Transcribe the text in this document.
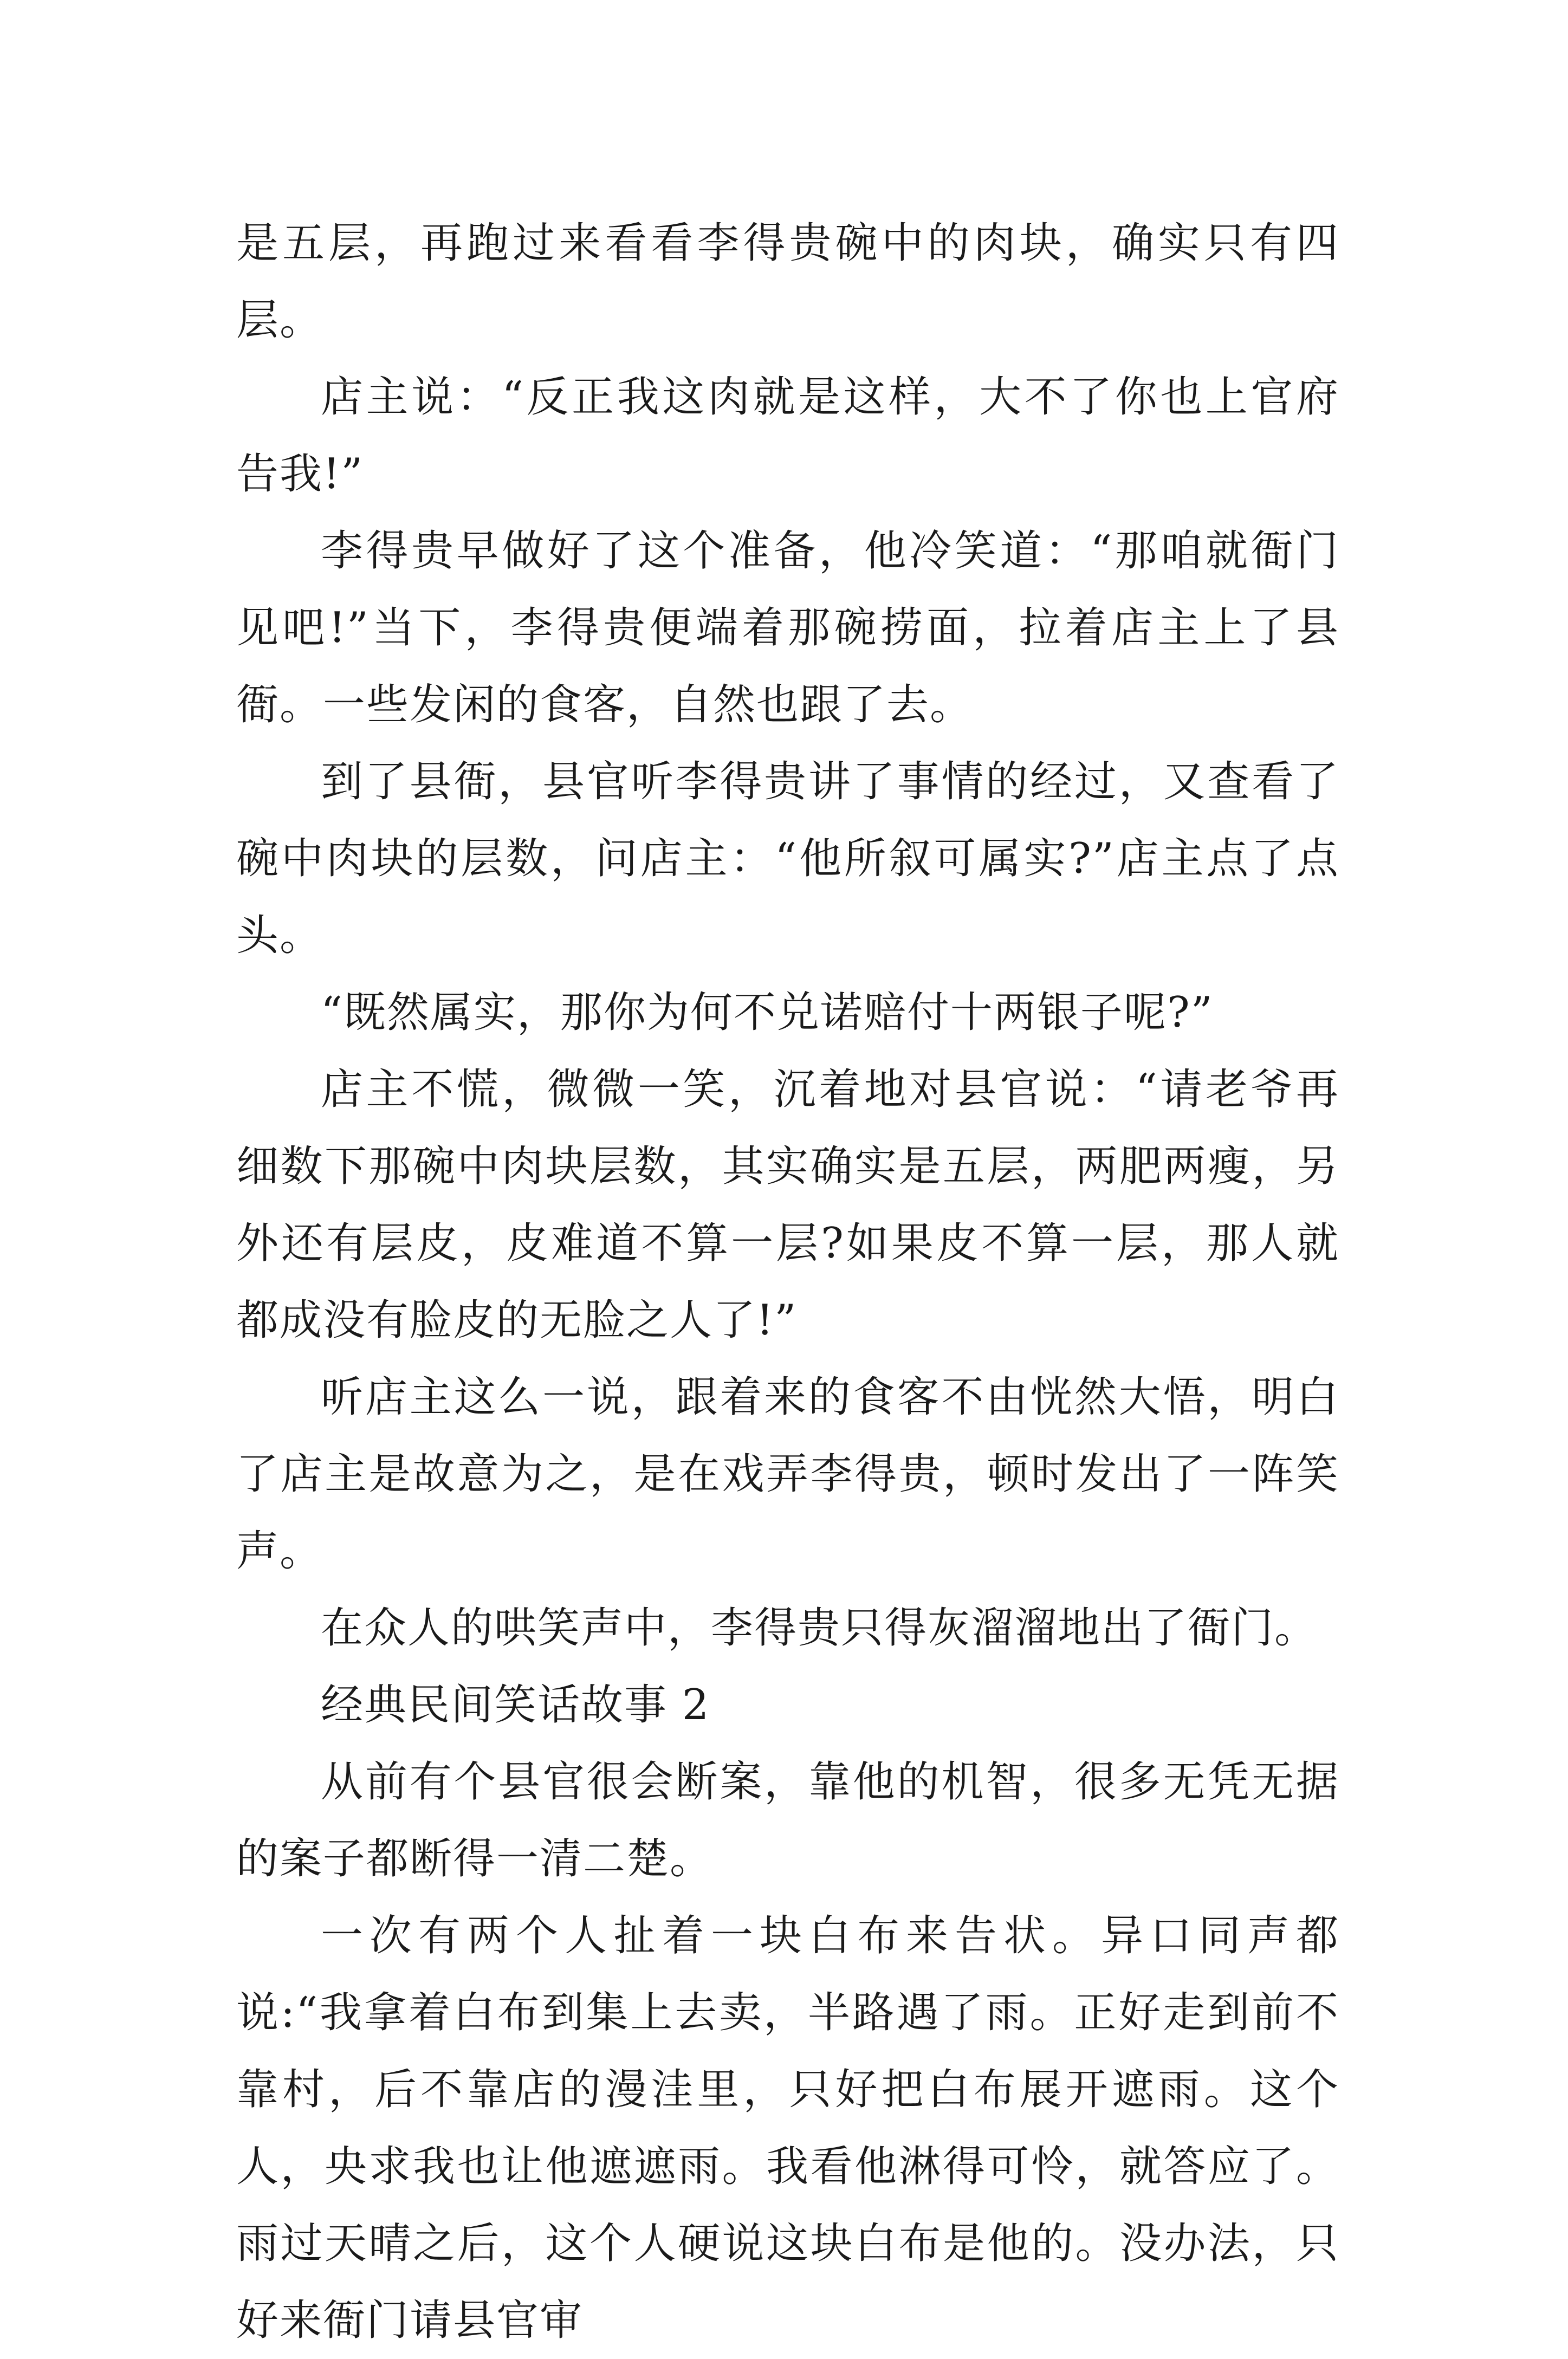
是五层，再跑过来看看李得贵碗中的肉块，确实只有四层。

店主说：“反正我这肉就是这样，大不了你也上官府告我!”

李得贵早做好了这个准备，他冷笑道：“那咱就衙门见吧!”当下，李得贵便端着那碗捞面，拉着店主上了县衙。一些发闲的食客，自然也跟了去。

到了县衙，县官听李得贵讲了事情的经过，又查看了碗中肉块的层数，问店主：“他所叙可属实?”店主点了点头。

“既然属实，那你为何不兑诺赔付十两银子呢?”

店主不慌，微微一笑，沉着地对县官说：“请老爷再细数下那碗中肉块层数，其实确实是五层，两肥两瘦，另外还有层皮，皮难道不算一层?如果皮不算一层，那人就都成没有脸皮的无脸之人了!”

听店主这么一说，跟着来的食客不由恍然大悟，明白了店主是故意为之，是在戏弄李得贵，顿时发出了一阵笑声。

在众人的哄笑声中，李得贵只得灰溜溜地出了衙门。

经典民间笑话故事 2

从前有个县官很会断案，靠他的机智，很多无凭无据的案子都断得一清二楚。

一次有两个人扯着一块白布来告状。异口同声都说:“我拿着白布到集上去卖，半路遇了雨。正好走到前不靠村，后不靠店的漫洼里，只好把白布展开遮雨。这个人，央求我也让他遮遮雨。我看他淋得可怜，就答应了。雨过天晴之后，这个人硬说这块白布是他的。没办法，只好来衙门请县官审
